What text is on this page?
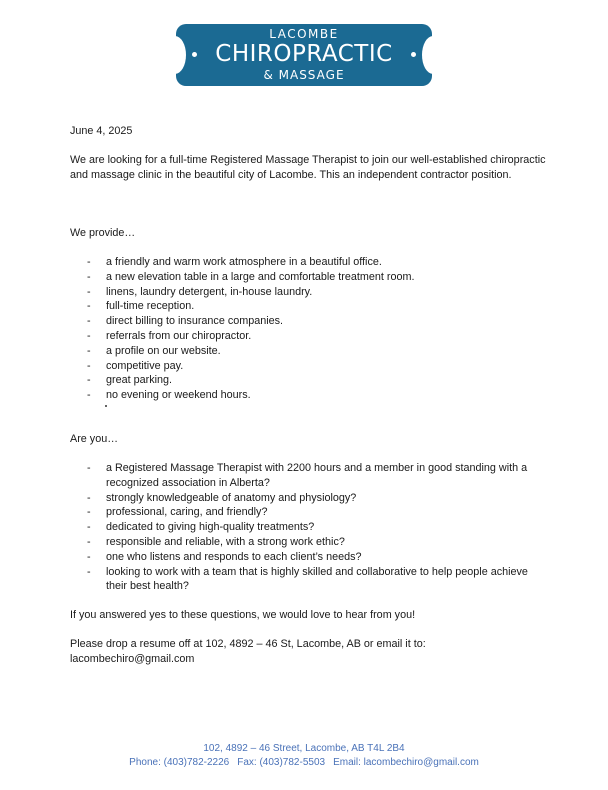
LACOMBE
CHIROPRACTIC
& MASSAGE
June 4, 2025
We are looking for a full-time Registered Massage Therapist to join our well-established chiropractic and massage clinic in the beautiful city of Lacombe. This an independent contractor position.
We provide…
- a friendly and warm work atmosphere in a beautiful office.
- a new elevation table in a large and comfortable treatment room.
- linens, laundry detergent, in-house laundry.
- full-time reception.
- direct billing to insurance companies.
- referrals from our chiropractor.
- a profile on our website.
- competitive pay.
- great parking.
- no evening or weekend hours.
Are you…
- a Registered Massage Therapist with 2200 hours and a member in good standing with a recognized association in Alberta?
- strongly knowledgeable of anatomy and physiology?
- professional, caring, and friendly?
- dedicated to giving high-quality treatments?
- responsible and reliable, with a strong work ethic?
- one who listens and responds to each client’s needs?
- looking to work with a team that is highly skilled and collaborative to help people achieve their best health?
If you answered yes to these questions, we would love to hear from you!
Please drop a resume off at 102, 4892 – 46 St, Lacombe, AB or email it to:
lacombechiro@gmail.com
102, 4892 – 46 Street, Lacombe, AB T4L 2B4
Phone: (403)782-2226 Fax: (403)782-5503 Email: lacombechiro@gmail.com
